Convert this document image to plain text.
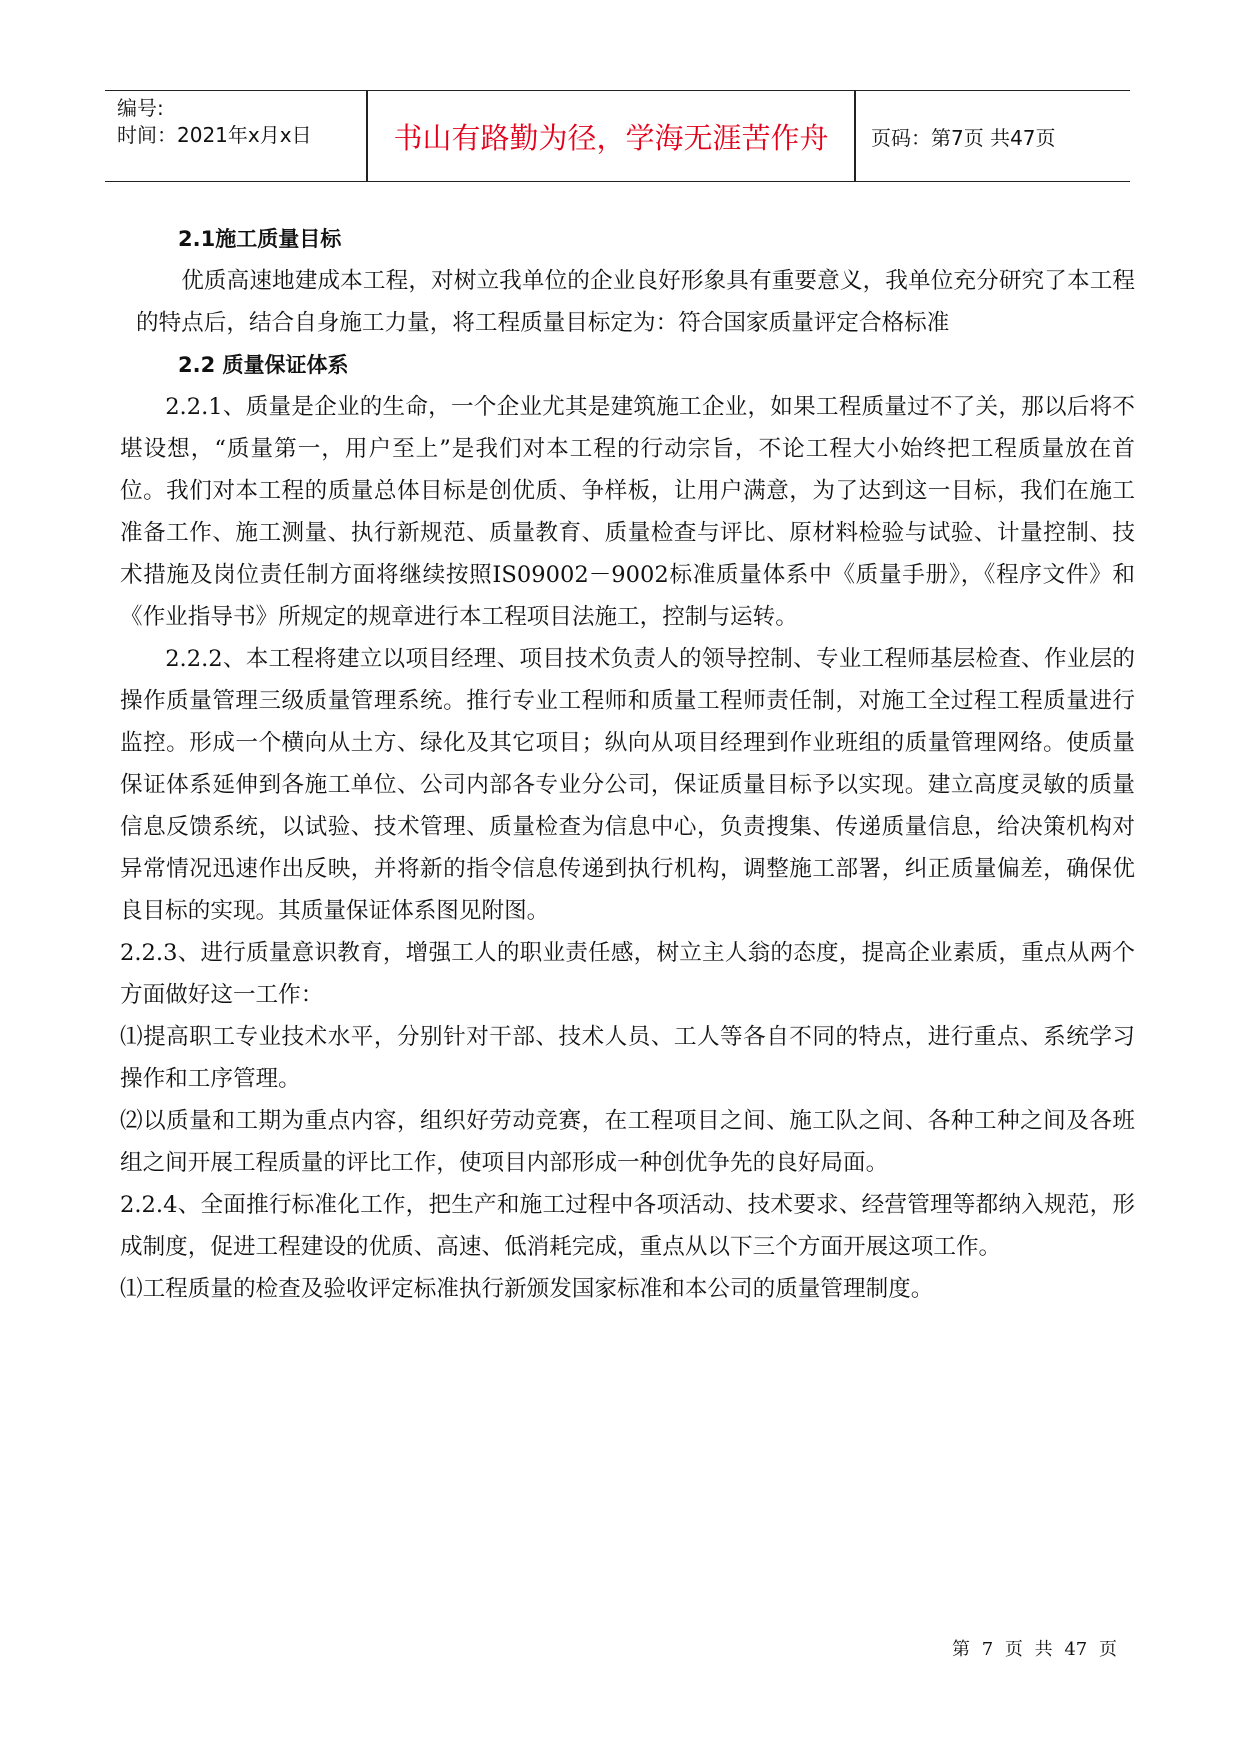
编号:
时间：2021年x月x日	书山有路勤为径，学海无涯苦作舟	页码：第7页 共47页

2.1施工质量目标

优质高速地建成本工程，对树立我单位的企业良好形象具有重要意义，我单位充分研究了本工程的特点后，结合自身施工力量，将工程质量目标定为：符合国家质量评定合格标准

2.2 质量保证体系

2.2.1、质量是企业的生命，一个企业尤其是建筑施工企业，如果工程质量过不了关，那以后将不堪设想，“质量第一，用户至上”是我们对本工程的行动宗旨，不论工程大小始终把工程质量放在首位。我们对本工程的质量总体目标是创优质、争样板，让用户满意，为了达到这一目标，我们在施工准备工作、施工测量、执行新规范、质量教育、质量检查与评比、原材料检验与试验、计量控制、技术措施及岗位责任制方面将继续按照IS09002－9002标准质量体系中《质量手册》，《程序文件》和《作业指导书》所规定的规章进行本工程项目法施工，控制与运转。

2.2.2、本工程将建立以项目经理、项目技术负责人的领导控制、专业工程师基层检查、作业层的操作质量管理三级质量管理系统。推行专业工程师和质量工程师责任制，对施工全过程工程质量进行监控。形成一个横向从土方、绿化及其它项目；纵向从项目经理到作业班组的质量管理网络。使质量保证体系延伸到各施工单位、公司内部各专业分公司，保证质量目标予以实现。建立高度灵敏的质量信息反馈系统，以试验、技术管理、质量检查为信息中心，负责搜集、传递质量信息，给决策机构对异常情况迅速作出反映，并将新的指令信息传递到执行机构，调整施工部署，纠正质量偏差，确保优良目标的实现。其质量保证体系图见附图。

2.2.3、进行质量意识教育，增强工人的职业责任感，树立主人翁的态度，提高企业素质，重点从两个方面做好这一工作：

⑴提高职工专业技术水平，分别针对干部、技术人员、工人等各自不同的特点，进行重点、系统学习操作和工序管理。

⑵以质量和工期为重点内容，组织好劳动竞赛，在工程项目之间、施工队之间、各种工种之间及各班组之间开展工程质量的评比工作，使项目内部形成一种创优争先的良好局面。

2.2.4、全面推行标准化工作，把生产和施工过程中各项活动、技术要求、经营管理等都纳入规范，形成制度，促进工程建设的优质、高速、低消耗完成，重点从以下三个方面开展这项工作。

⑴工程质量的检查及验收评定标准执行新颁发国家标准和本公司的质量管理制度。

第 7 页 共 47 页
